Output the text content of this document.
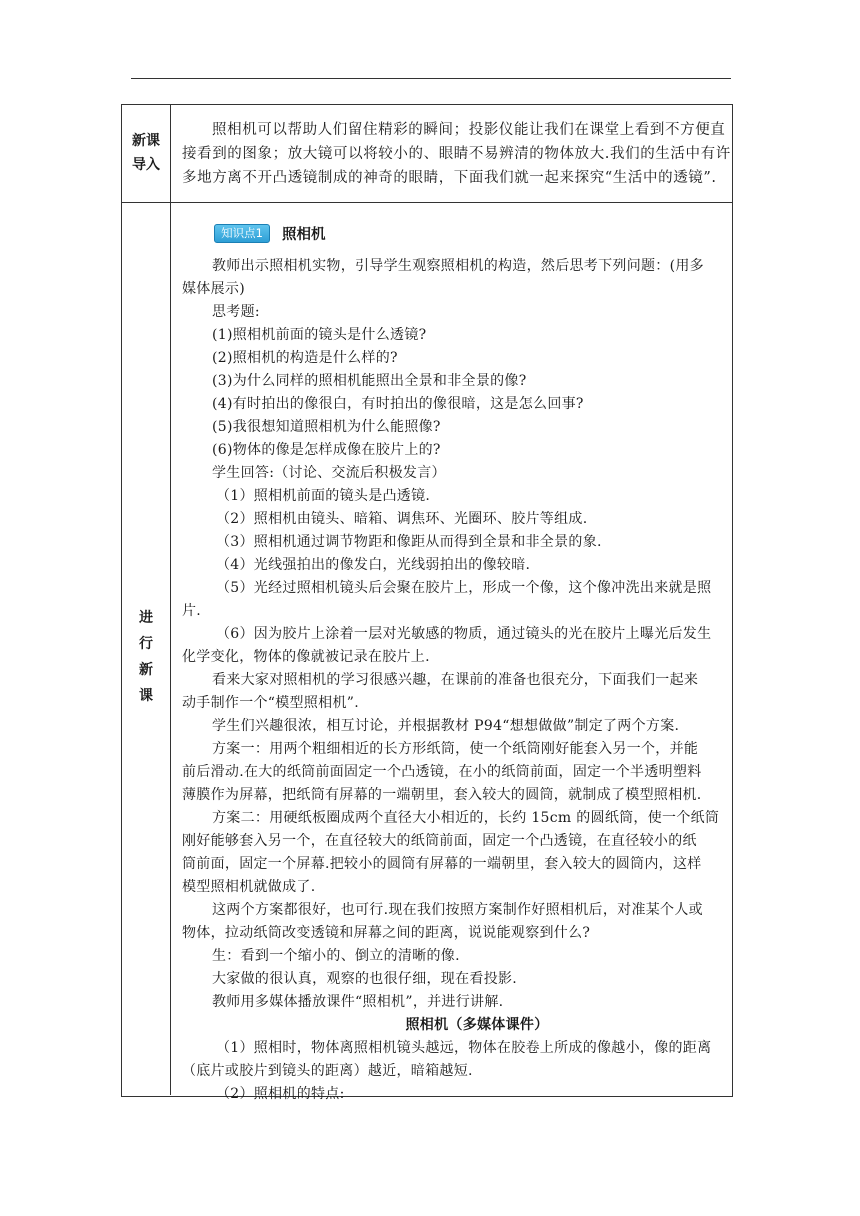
新课
导入

照相机可以帮助人们留住精彩的瞬间；投影仪能让我们在课堂上看到不方便直接看到的图象；放大镜可以将较小的、眼睛不易辨清的物体放大.我们的生活中有许多地方离不开凸透镜制成的神奇的眼睛，下面我们就一起来探究“生活中的透镜”.

进
行
新
课
知识点1	照相机
教师出示照相机实物，引导学生观察照相机的构造，然后思考下列问题：(用多
媒体展示)
思考题:
(1)照相机前面的镜头是什么透镜?
(2)照相机的构造是什么样的?
(3)为什么同样的照相机能照出全景和非全景的像?
(4)有时拍出的像很白，有时拍出的像很暗，这是怎么回事?
(5)我很想知道照相机为什么能照像?
(6)物体的像是怎样成像在胶片上的?
学生回答:（讨论、交流后积极发言）
（1）照相机前面的镜头是凸透镜.
（2）照相机由镜头、暗箱、调焦环、光圈环、胶片等组成.
（3）照相机通过调节物距和像距从而得到全景和非全景的象.
（4）光线强拍出的像发白，光线弱拍出的像较暗.
（5）光经过照相机镜头后会聚在胶片上，形成一个像，这个像冲洗出来就是照
片.
（6）因为胶片上涂着一层对光敏感的物质，通过镜头的光在胶片上曝光后发生
化学变化，物体的像就被记录在胶片上.
看来大家对照相机的学习很感兴趣，在课前的准备也很充分，下面我们一起来
动手制作一个“模型照相机”.
学生们兴趣很浓，相互讨论，并根据教材 P94“想想做做”制定了两个方案.
方案一：用两个粗细相近的长方形纸筒，使一个纸筒刚好能套入另一个，并能
前后滑动.在大的纸筒前面固定一个凸透镜，在小的纸筒前面，固定一个半透明塑料
薄膜作为屏幕，把纸筒有屏幕的一端朝里，套入较大的圆筒，就制成了模型照相机.
方案二：用硬纸板圈成两个直径大小相近的，长约 15cm 的圆纸筒，使一个纸筒
刚好能够套入另一个，在直径较大的纸筒前面，固定一个凸透镜，在直径较小的纸
筒前面，固定一个屏幕.把较小的圆筒有屏幕的一端朝里，套入较大的圆筒内，这样
模型照相机就做成了.
这两个方案都很好，也可行.现在我们按照方案制作好照相机后，对准某个人或
物体，拉动纸筒改变透镜和屏幕之间的距离，说说能观察到什么?
生：看到一个缩小的、倒立的清晰的像.
大家做的很认真，观察的也很仔细，现在看投影.
教师用多媒体播放课件“照相机”，并进行讲解.
照相机（多媒体课件）
（1）照相时，物体离照相机镜头越远，物体在胶卷上所成的像越小，像的距离
（底片或胶片到镜头的距离）越近，暗箱越短.
（2）照相机的特点:
